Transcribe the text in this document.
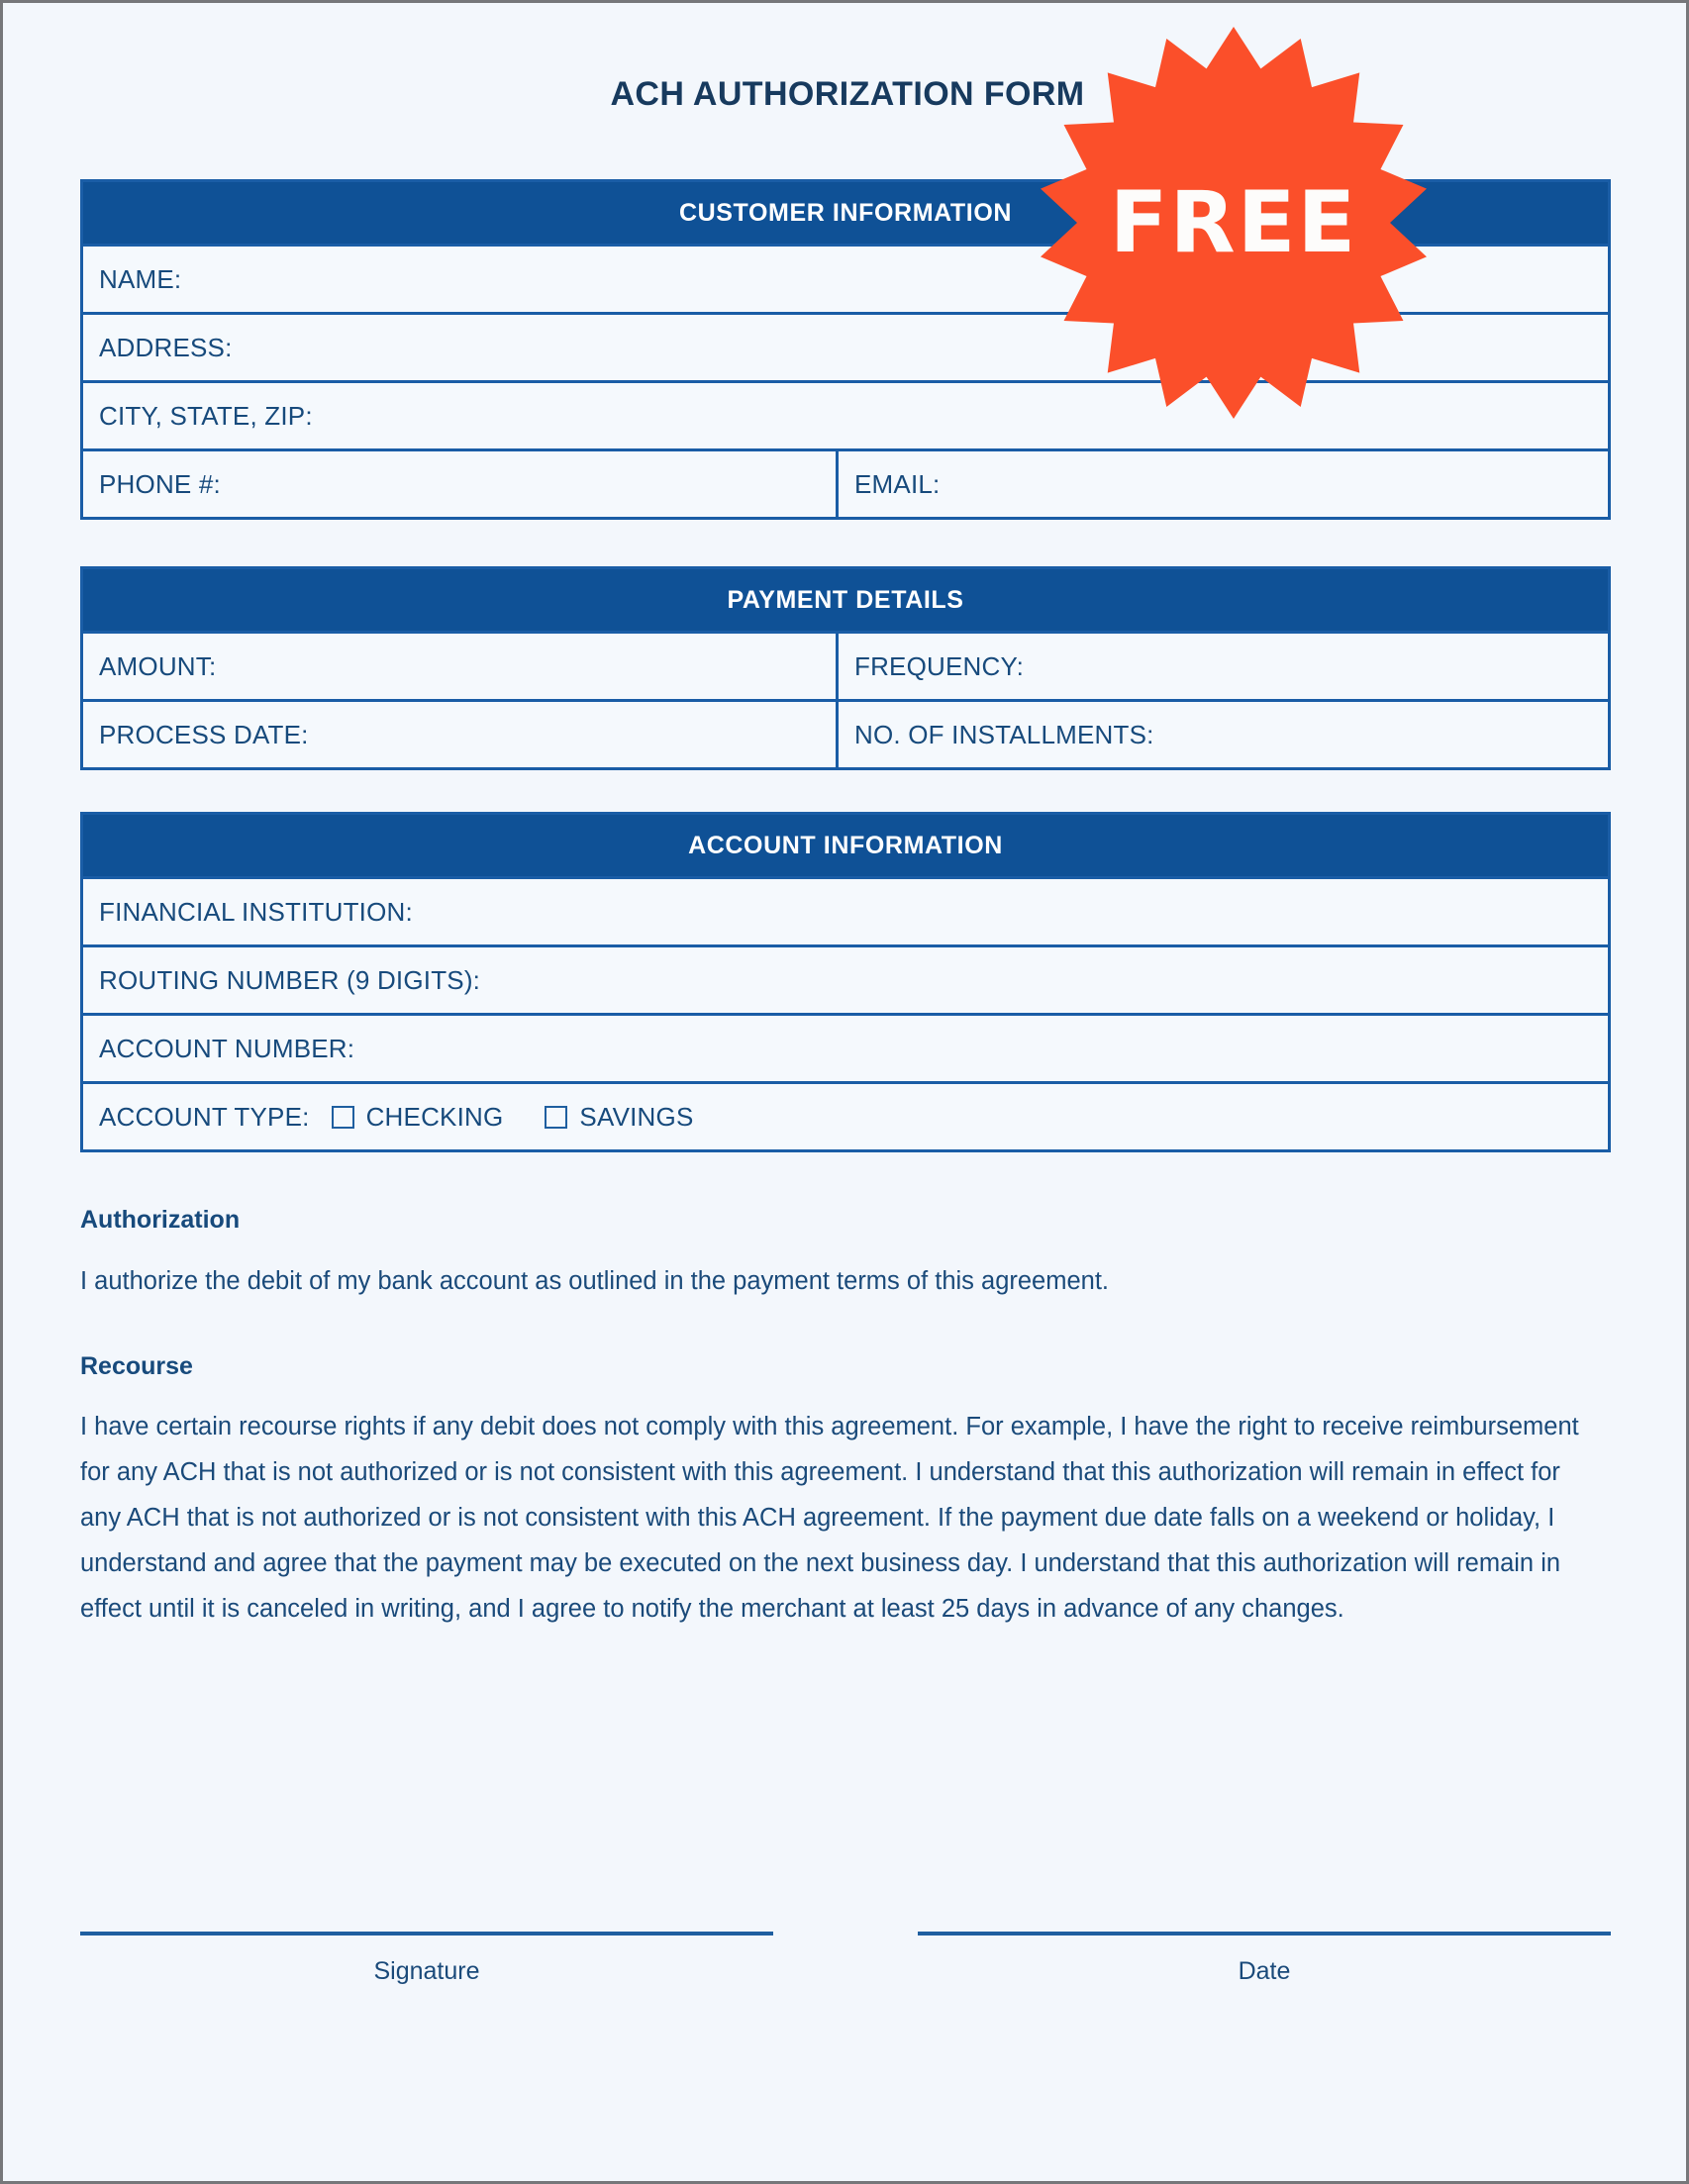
ACH AUTHORIZATION FORM
CUSTOMER INFORMATION
NAME:
ADDRESS:
CITY, STATE, ZIP:
PHONE #:	EMAIL:
PAYMENT DETAILS
AMOUNT:	FREQUENCY:
PROCESS DATE:	NO. OF INSTALLMENTS:
ACCOUNT INFORMATION
FINANCIAL INSTITUTION:
ROUTING NUMBER (9 DIGITS):
ACCOUNT NUMBER:
ACCOUNT TYPE: CHECKING	SAVINGS
Authorization
I authorize the debit of my bank account as outlined in the payment terms of this agreement.
Recourse
I have certain recourse rights if any debit does not comply with this agreement. For example, I have the right to receive reimbursement for any ACH that is not authorized or is not consistent with this agreement. I understand that this authorization will remain in effect for any ACH that is not authorized or is not consistent with this ACH agreement. If the payment due date falls on a weekend or holiday, I understand and agree that the payment may be executed on the next business day. I understand that this authorization will remain in effect until it is canceled in writing, and I agree to notify the merchant at least 25 days in advance of any changes.
Signature	Date
FREE
